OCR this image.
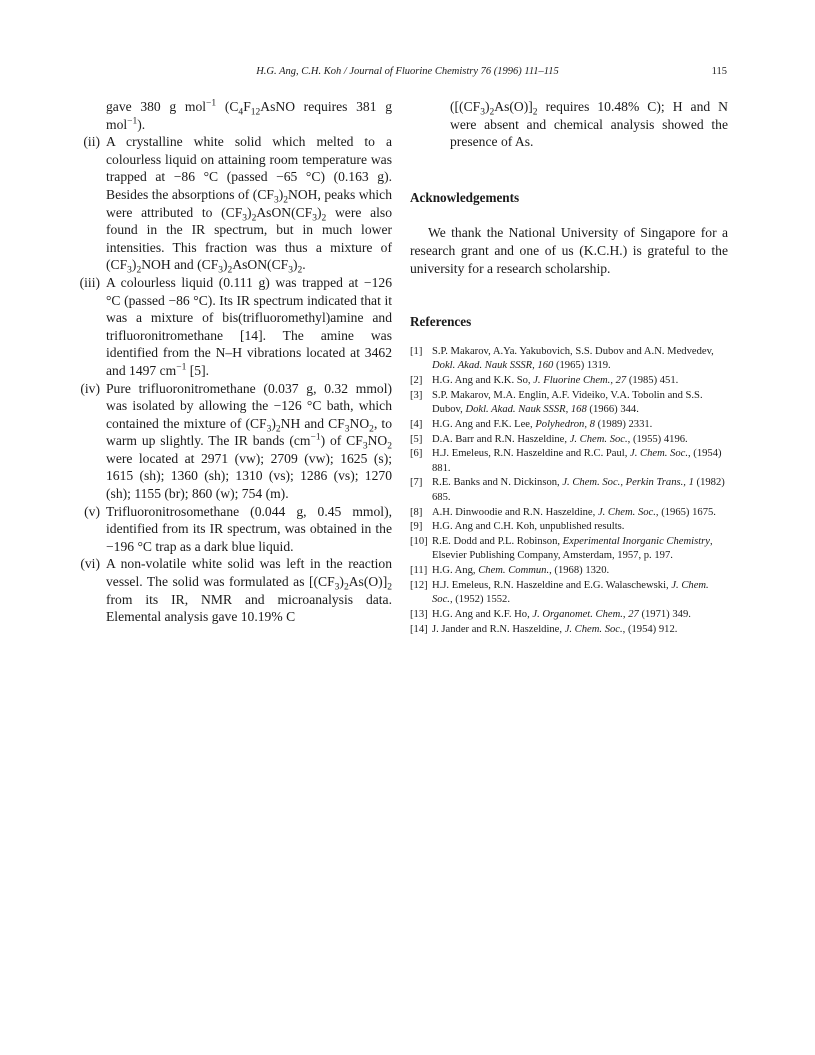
H.G. Ang, C.H. Koh / Journal of Fluorine Chemistry 76 (1996) 111–115	115
gave 380 g mol$^{-1}$ ($C_4F_{12}AsNO$ requires 381 g mol$^{-1}$).
(ii) A crystalline white solid which melted to a colourless liquid on attaining room temperature was trapped at −86 °C (passed −65 °C) (0.163 g). Besides the absorptions of $(CF_3)_2NOH$, peaks which were attributed to $(CF_3)_2AsON(CF_3)_2$ were also found in the IR spectrum, but in much lower intensities. This fraction was thus a mixture of $(CF_3)_2NOH$ and $(CF_3)_2AsON(CF_3)_2$.
(iii) A colourless liquid (0.111 g) was trapped at −126 °C (passed −86 °C). Its IR spectrum indicated that it was a mixture of bis(trifluoromethyl)amine and trifluoronitromethane [14]. The amine was identified from the N–H vibrations located at 3462 and 1497 $cm^{-1}$ [5].
(iv) Pure trifluoronitromethane (0.037 g, 0.32 mmol) was isolated by allowing the −126 °C bath, which contained the mixture of $(CF_3)_2NH$ and $CF_3NO_2$, to warm up slightly. The IR bands $(cm^{-1})$ of $CF_3NO_2$ were located at 2971 (vw); 2709 (vw); 1625 (s); 1615 (sh); 1360 (sh); 1310 (vs); 1286 (vs); 1270 (sh); 1155 (br); 860 (w); 754 (m).
(v) Trifluoronitrosomethane (0.044 g, 0.45 mmol), identified from its IR spectrum, was obtained in the −196 °C trap as a dark blue liquid.
(vi) A non-volatile white solid was left in the reaction vessel. The solid was formulated as $[(CF_3)_2As(O)]_2$ from its IR, NMR and microanalysis data. Elemental analysis gave 10.19% C
($[(CF_3)_2As(O)]_2$ requires 10.48% C); H and N were absent and chemical analysis showed the presence of As.
Acknowledgements
We thank the National University of Singapore for a research grant and one of us (K.C.H.) is grateful to the university for a research scholarship.
References
[1] S.P. Makarov, A.Ya. Yakubovich, S.S. Dubov and A.N. Medvedev, Dokl. Akad. Nauk SSSR, 160 (1965) 1319.
[2] H.G. Ang and K.K. So, J. Fluorine Chem., 27 (1985) 451.
[3] S.P. Makarov, M.A. Englin, A.F. Videiko, V.A. Tobolin and S.S. Dubov, Dokl. Akad. Nauk SSSR, 168 (1966) 344.
[4] H.G. Ang and F.K. Lee, Polyhedron, 8 (1989) 2331.
[5] D.A. Barr and R.N. Haszeldine, J. Chem. Soc., (1955) 4196.
[6] H.J. Emeleus, R.N. Haszeldine and R.C. Paul, J. Chem. Soc., (1954) 881.
[7] R.E. Banks and N. Dickinson, J. Chem. Soc., Perkin Trans., 1 (1982) 685.
[8] A.H. Dinwoodie and R.N. Haszeldine, J. Chem. Soc., (1965) 1675.
[9] H.G. Ang and C.H. Koh, unpublished results.
[10] R.E. Dodd and P.L. Robinson, Experimental Inorganic Chemistry, Elsevier Publishing Company, Amsterdam, 1957, p. 197.
[11] H.G. Ang, Chem. Commun., (1968) 1320.
[12] H.J. Emeleus, R.N. Haszeldine and E.G. Walaschewski, J. Chem. Soc., (1952) 1552.
[13] H.G. Ang and K.F. Ho, J. Organomet. Chem., 27 (1971) 349.
[14] J. Jander and R.N. Haszeldine, J. Chem. Soc., (1954) 912.
